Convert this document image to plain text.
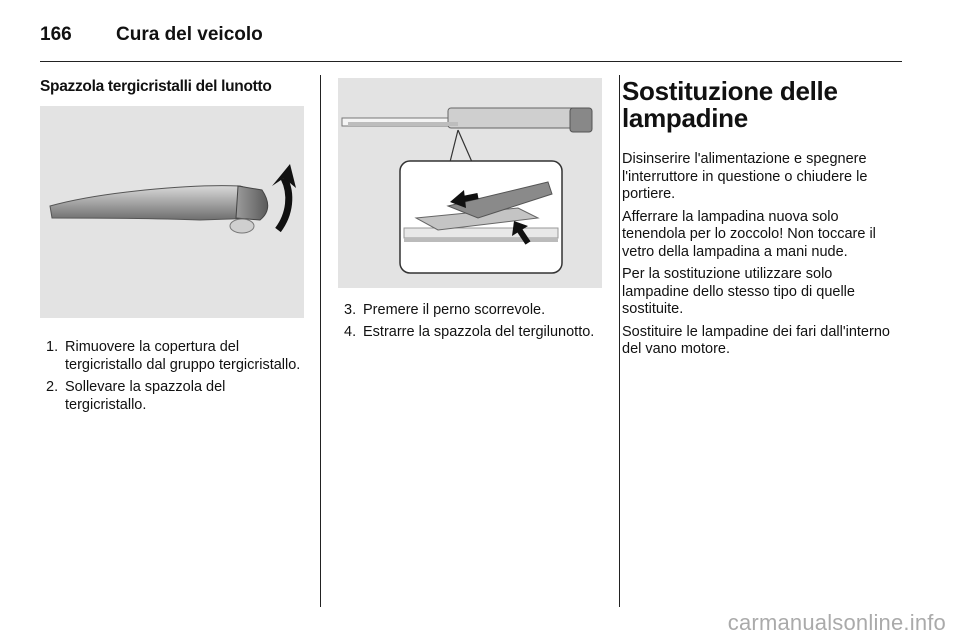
166	Cura del veicolo
Spazzola tergicristalli del lunotto
1. Rimuovere la copertura del tergicristallo dal gruppo tergicristallo.
2. Sollevare la spazzola del tergicristallo.
3. Premere il perno scorrevole.
4. Estrarre la spazzola del tergilunotto.
Sostituzione delle
lampadine

Disinserire l'alimentazione e spegnere l'interruttore in questione o chiudere le portiere.

Afferrare la lampadina nuova solo tenendola per lo zoccolo! Non toccare il vetro della lampadina a mani nude.

Per la sostituzione utilizzare solo lampadine dello stesso tipo di quelle sostituite.

Sostituire le lampadine dei fari dall'interno del vano motore.

carmanualsonline.info
